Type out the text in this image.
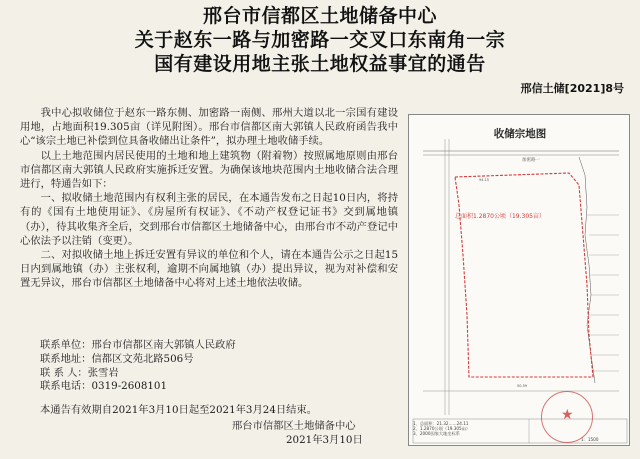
邢台市信都区土地储备中心
关于赵东一路与加密路一交叉口东南角一宗
国有建设用地主张土地权益事宜的通告
邢信土储[2021]8号

我中心拟收储位于赵东一路东侧、加密路一南侧、邢州大道以北一宗国有建设用地，占地面积19.305亩（详见附图）。邢台市信都区南大郭镇人民政府函告我中心“该宗土地已补偿到位具备收储出让条件”，拟办理土地收储手续。

以上土地范围内居民使用的土地和地上建筑物（附着物）按照属地原则由邢台市信都区南大郭镇人民政府实施拆迁安置。为确保该地块范围内土地收储合法合理进行，特通告如下：

一、拟收储土地范围内有权利主张的居民，在本通告发布之日起10日内，将持有的《国有土地使用证》、《房屋所有权证》、《不动产权登记证书》交到属地镇（办），待其收集齐全后，交到邢台市信都区土地储备中心，由邢台市不动产登记中心依法予以注销（变更）。

二、对拟收储土地上拆迁安置有异议的单位和个人，请在本通告公示之日起15日内到属地镇（办）主张权利，逾期不向属地镇（办）提出异议，视为对补偿和安置无异议，邢台市信都区土地储备中心将对上述土地依法收储。

联系单位：邢台市信都区南大郭镇人民政府
联系地址：信都区文苑北路506号
联 系 人：张雪岩
联系电话：0319-2608101
本通告有效期自2021年3月10日起至2021年3月24日结束。
邢台市信都区土地储备中心
2021年3月10日
收储宗地图
94.15
50.59
加密路一
总面积1.2870公顷（19.305亩）
1、总面积：21.32......24.11
2、1.2870公顷（19.305亩）
3、2000国家大地坐标系
1：1500
★
